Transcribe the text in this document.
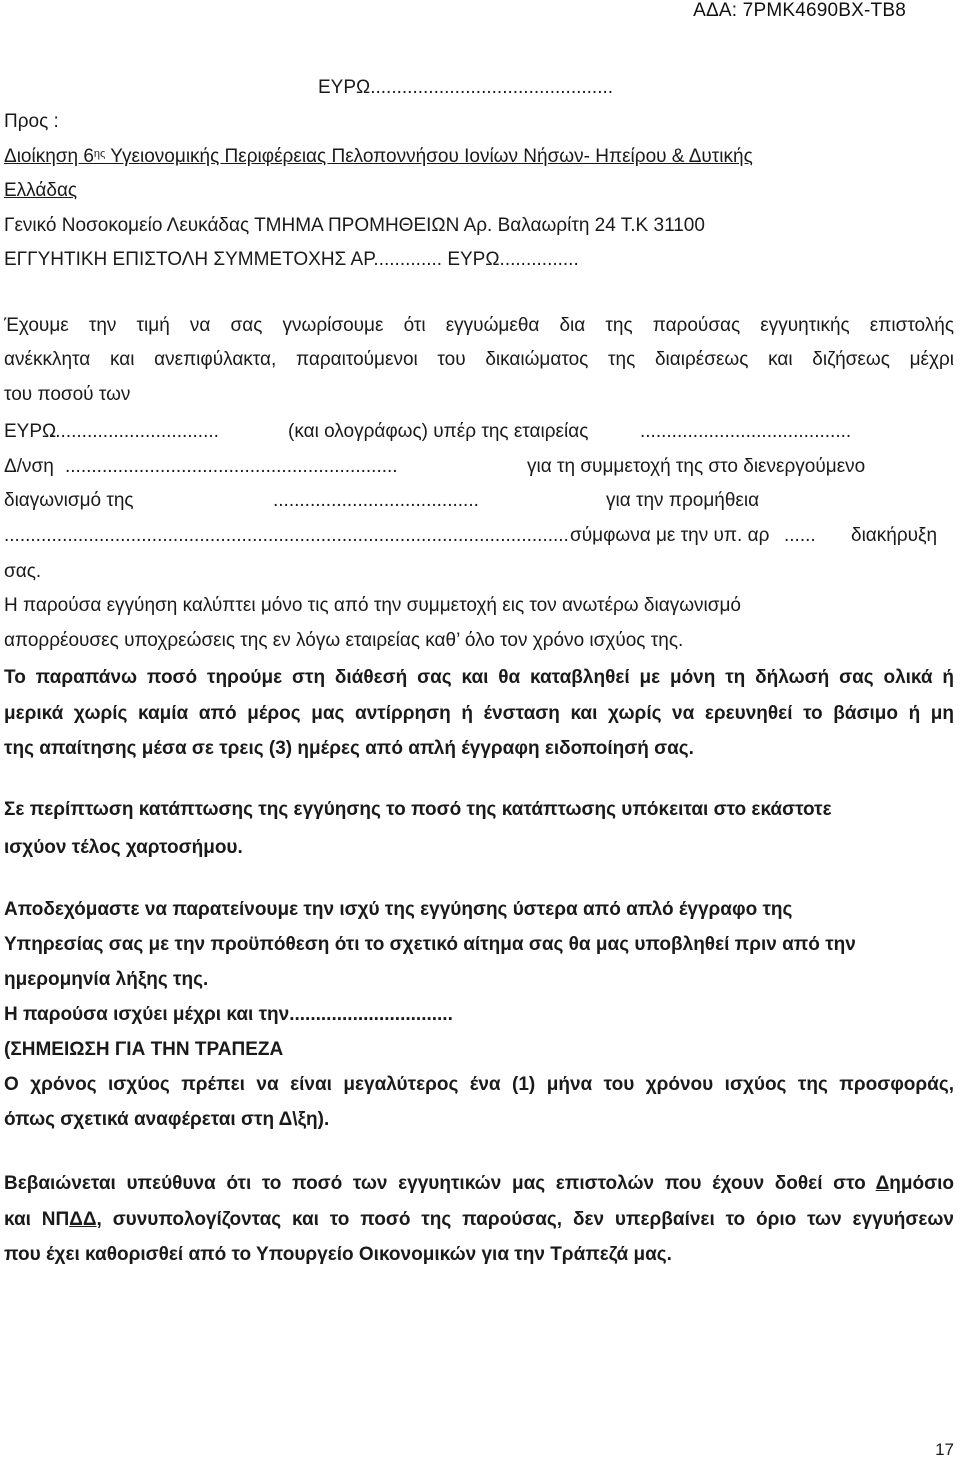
ΑΔΑ: 7ΡΜΚ4690ΒΧ-ΤΒ8
ΕΥΡΩ..............................................
Προς :
Διοίκηση $6^{\eta\varsigma}$ Υγειονομικής Περιφέρειας Πελοποννήσου Ιονίων Νήσων- Ηπείρου & Δυτικής
Ελλάδας
Γενικό Νοσοκομείο Λευκάδας ΤΜΗΜΑ ΠΡΟΜΗΘΕΙΩΝ Αρ. Βαλαωρίτη 24 Τ.Κ 31100
ΕΓΓΥΗΤΙΚΗ ΕΠΙΣΤΟΛΗ ΣΥΜΜΕΤΟΧΗΣ ΑΡ............. ΕΥΡΩ...............
Έχουμε την τιμή να σας γνωρίσουμε ότι εγγυώμεθα δια της παρούσας εγγυητικής επιστολής
ανέκκλητα και ανεπιφύλακτα, παραιτούμενοι του δικαιώματος της διαιρέσεως και διζήσεως μέχρι
του ποσού των
ΕΥΡΩ
................................	(και ολογράφως) υπέρ της εταιρείας	........................................
Δ/νση ...............................................................	για τη συμμετοχή της στο διενεργούμενο
διαγωνισμό της	.......................................	για την προμήθεια
........................................................................................................... σύμφωνα με την υπ. αρ ...... διακήρυξη
σας.
Η παρούσα εγγύηση καλύπτει μόνο τις από την συμμετοχή εις τον ανωτέρω διαγωνισμό
απορρέουσες υποχρεώσεις της εν λόγω εταιρείας καθ’ όλο τον χρόνο ισχύος της.
Το παραπάνω ποσό τηρούμε στη διάθεσή σας και θα καταβληθεί με μόνη τη δήλωσή σας ολικά ή
μερικά χωρίς καμία από μέρος μας αντίρρηση ή ένσταση και χωρίς να ερευνηθεί το βάσιμο ή μη
της απαίτησης μέσα σε τρεις (3) ημέρες από απλή έγγραφη ειδοποίησή σας.
Σε περίπτωση κατάπτωσης της εγγύησης το ποσό της κατάπτωσης υπόκειται στο εκάστοτε
ισχύον τέλος χαρτοσήμου.
Αποδεχόμαστε να παρατείνουμε την ισχύ της εγγύησης ύστερα από απλό έγγραφο της
Υπηρεσίας σας με την προϋπόθεση ότι το σχετικό αίτημα σας θα μας υποβληθεί πριν από την
ημερομηνία λήξης της.
Η παρούσα ισχύει μέχρι και την...............................
(ΣΗΜΕΙΩΣΗ ΓΙΑ ΤΗΝ ΤΡΑΠΕΖΑ
Ο χρόνος ισχύος πρέπει να είναι μεγαλύτερος ένα (1) μήνα του χρόνου ισχύος της προσφοράς,
όπως σχετικά αναφέρεται στη Δ\ξη).
Βεβαιώνεται υπεύθυνα ότι το ποσό των εγγυητικών μας επιστολών που έχουν δοθεί στο Δημόσιο
και ΝΠΔΔ, συνυπολογίζοντας και το ποσό της παρούσας, δεν υπερβαίνει το όριο των εγγυήσεων
που έχει καθορισθεί από το Υπουργείο Οικονομικών για την Τράπεζά μας.
17
